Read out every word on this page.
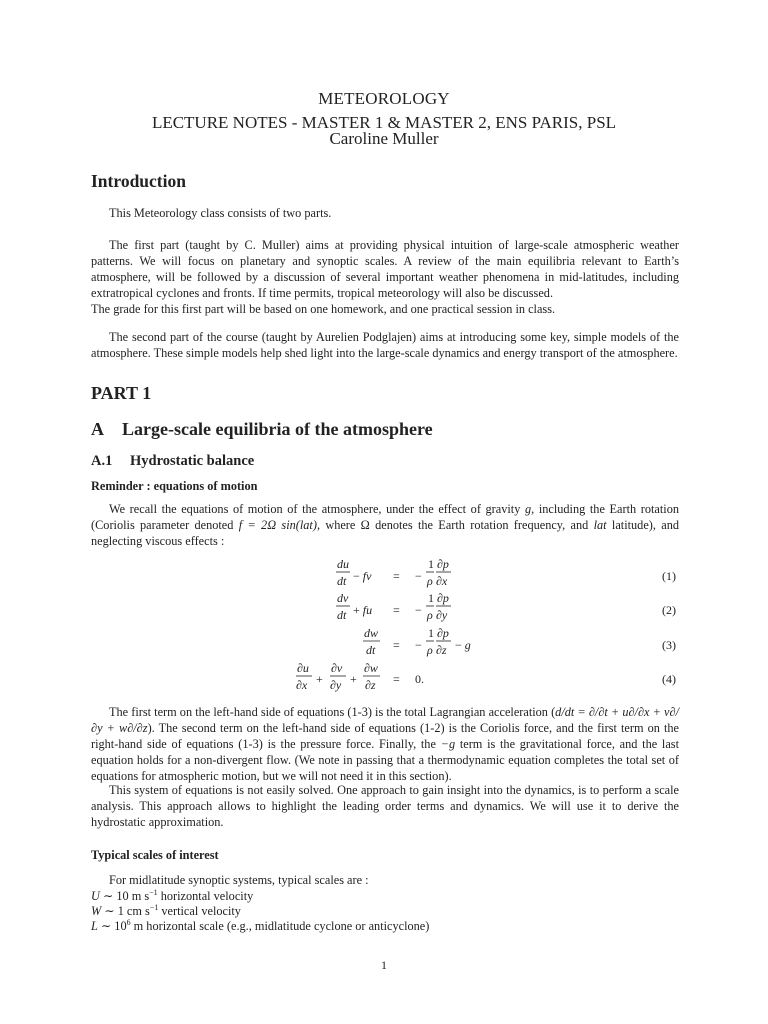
METEOROLOGY
LECTURE NOTES - MASTER 1 & MASTER 2, ENS PARIS, PSL
Caroline Muller
Introduction
This Meteorology class consists of two parts.
The first part (taught by C. Muller) aims at providing physical intuition of large-scale atmospheric weather patterns. We will focus on planetary and synoptic scales. A review of the main equilibria relevant to Earth’s atmosphere, will be followed by a discussion of several important weather phenomena in mid-latitudes, including extratropical cyclones and fronts. If time permits, tropical meteorology will also be discussed.
The grade for this first part will be based on one homework, and one practical session in class.
The second part of the course (taught by Aurelien Podglajen) aims at introducing some key, simple models of the atmosphere. These simple models help shed light into the large-scale dynamics and energy transport of the atmosphere.
PART 1
A Large-scale equilibria of the atmosphere
A.1 Hydrostatic balance
Reminder : equations of motion
We recall the equations of motion of the atmosphere, under the effect of gravity g, including the Earth rotation (Coriolis parameter denoted f = 2Ω sin(lat), where Ω denotes the Earth rotation frequency, and lat latitude), and neglecting viscous effects :
du
dt − fv = −
1
ρ
∂p
∂x	(1)
dv
dt + fu = −
1
ρ
∂p
∂y	(2)
dw
dt = −
1
ρ
∂p
∂z − g	(3)
∂u
∂x +
∂v
∂y +
∂w
∂z = 0.	(4)
The first term on the left-hand side of equations (1-3) is the total Lagrangian acceleration (d/dt = ∂/∂t + u∂/∂x + v∂/∂y + w∂/∂z). The second term on the left-hand side of equations (1-2) is the Coriolis force, and the first term on the right-hand side of equations (1-3) is the pressure force. Finally, the −g term is the gravitational force, and the last equation holds for a non-divergent flow. (We note in passing that a thermodynamic equation completes the total set of equations for atmospheric motion, but we will not need it in this section).
This system of equations is not easily solved. One approach to gain insight into the dynamics, is to perform a scale analysis. This approach allows to highlight the leading order terms and dynamics. We will use it to derive the hydrostatic approximation.
Typical scales of interest
For midlatitude synoptic systems, typical scales are :
U ∼ 10 m $s^{-1}$ horizontal velocity
W ∼ 1 cm $s^{-1}$ vertical velocity
L ∼ $10^6$ m horizontal scale (e.g., midlatitude cyclone or anticyclone)
1
